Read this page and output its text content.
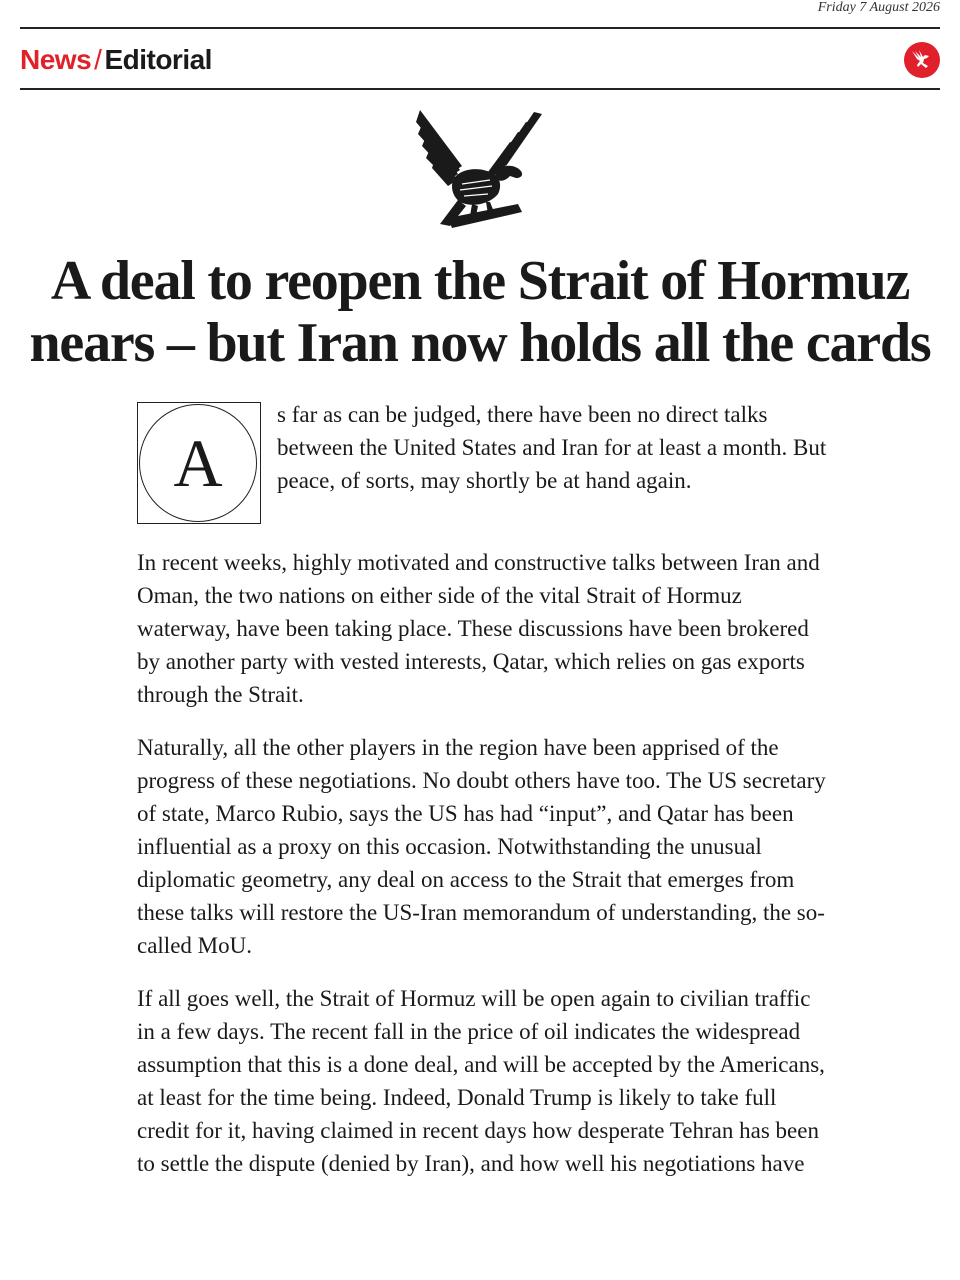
Friday 7 August 2026
News / Editorial
A deal to reopen the Strait of Hormuz
nears – but Iran now holds all the cards
A

s far as can be judged, there have been no direct talks between the United States and Iran for at least a month. But peace, of sorts, may shortly be at hand again.

In recent weeks, highly motivated and constructive talks between Iran and Oman, the two nations on either side of the vital Strait of Hormuz waterway, have been taking place. These discussions have been brokered by another party with vested interests, Qatar, which relies on gas exports through the Strait.

Naturally, all the other players in the region have been apprised of the progress of these negotiations. No doubt others have too. The US secretary of state, Marco Rubio, says the US has had “input”, and Qatar has been influential as a proxy on this occasion. Notwithstanding the unusual diplomatic geometry, any deal on access to the Strait that emerges from these talks will restore the US-Iran memorandum of understanding, the so-called MoU.

If all goes well, the Strait of Hormuz will be open again to civilian traffic in a few days. The recent fall in the price of oil indicates the widespread assumption that this is a done deal, and will be accepted by the Americans, at least for the time being. Indeed, Donald Trump is likely to take full credit for it, having claimed in recent days how desperate Tehran has been to settle the dispute (denied by Iran), and how well his negotiations have
